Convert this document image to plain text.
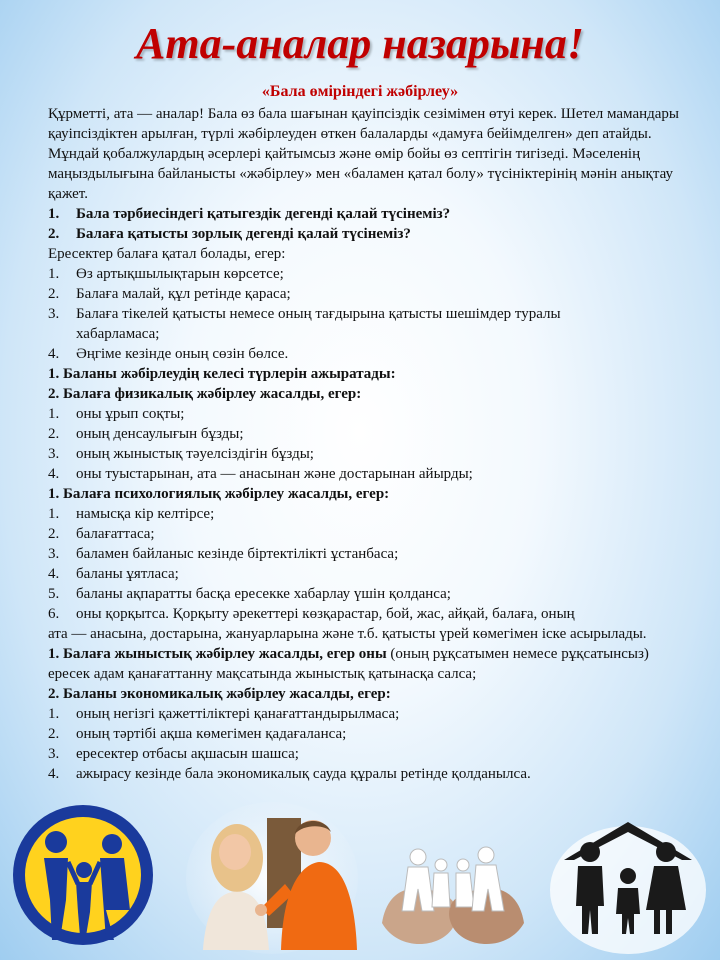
Ата-аналар назарына!

«Бала өміріндегі жәбірлеу»

Құрметті, ата — аналар! Бала өз бала шағынан қауіпсіздік сезімімен өтуі керек. Шетел мамандары қауіпсіздіктен арылған, түрлі жәбірлеуден өткен балаларды «дамуға бейімделген» деп атайды. Мұндай қобалжулардың әсерлері қайтымсыз және өмір бойы өз септігін тигізеді. Мәселенің маңыздылығына байланысты «жәбірлеу» мен «баламен қатал болу» түсініктерінің мәнін анықтау қажет.

1.	Бала тәрбиесіндегі қатыгездік дегенді қалай түсінеміз?
2.	Балаға қатысты зорлық дегенді қалай түсінеміз?

Ересектер балаға қатал болады, егер:

1.	Өз артықшылықтарын көрсетсе;
2.	Балаға малай, құл ретінде қараса;
3.	Балаға тікелей қатысты немесе оның тағдырына қатысты шешімдер туралы хабарламаса;
4.	Әңгіме кезінде оның сөзін бөлсе.

1. Баланы жәбірлеудің келесі түрлерін ажыратады:

2. Балаға физикалық жәбірлеу жасалды, егер:

1.	оны ұрып соқты;
2.	оның денсаулығын бұзды;
3.	оның жыныстық тәуелсіздігін бұзды;
4.	оны туыстарынан, ата — анасынан және достарынан айырды;

1. Балаға психологиялық жәбірлеу жасалды, егер:

1.	намысқа кір келтірсе;
2.	балағаттаса;
3.	баламен байланыс кезінде біртектілікті ұстанбаса;
4.	баланы ұятласа;
5.	баланы ақпаратты басқа ересекке хабарлау үшін қолданса;
6.	оны қорқытса. Қорқыту әрекеттері көзқарастар, бой, жас, айқай, балаға, оның

ата — анасына, достарына, жануарларына және т.б. қатысты үрей көмегімен іске асырылады.

1. Балаға жыныстық жәбірлеу жасалды, егер оны (оның рұқсатымен немесе рұқсатынсыз) ересек адам қанағаттанну мақсатында жыныстық қатынасқа салса;

2. Баланы экономикалық жәбірлеу жасалды, егер:

1.	оның негізгі қажеттіліктері қанағаттандырылмаса;
2.	оның тәртібі ақша көмегімен қадағаланса;
3.	ересектер отбасы ақшасын шашса;
4.	ажырасу кезінде бала экономикалық сауда құралы ретінде қолданылса.
